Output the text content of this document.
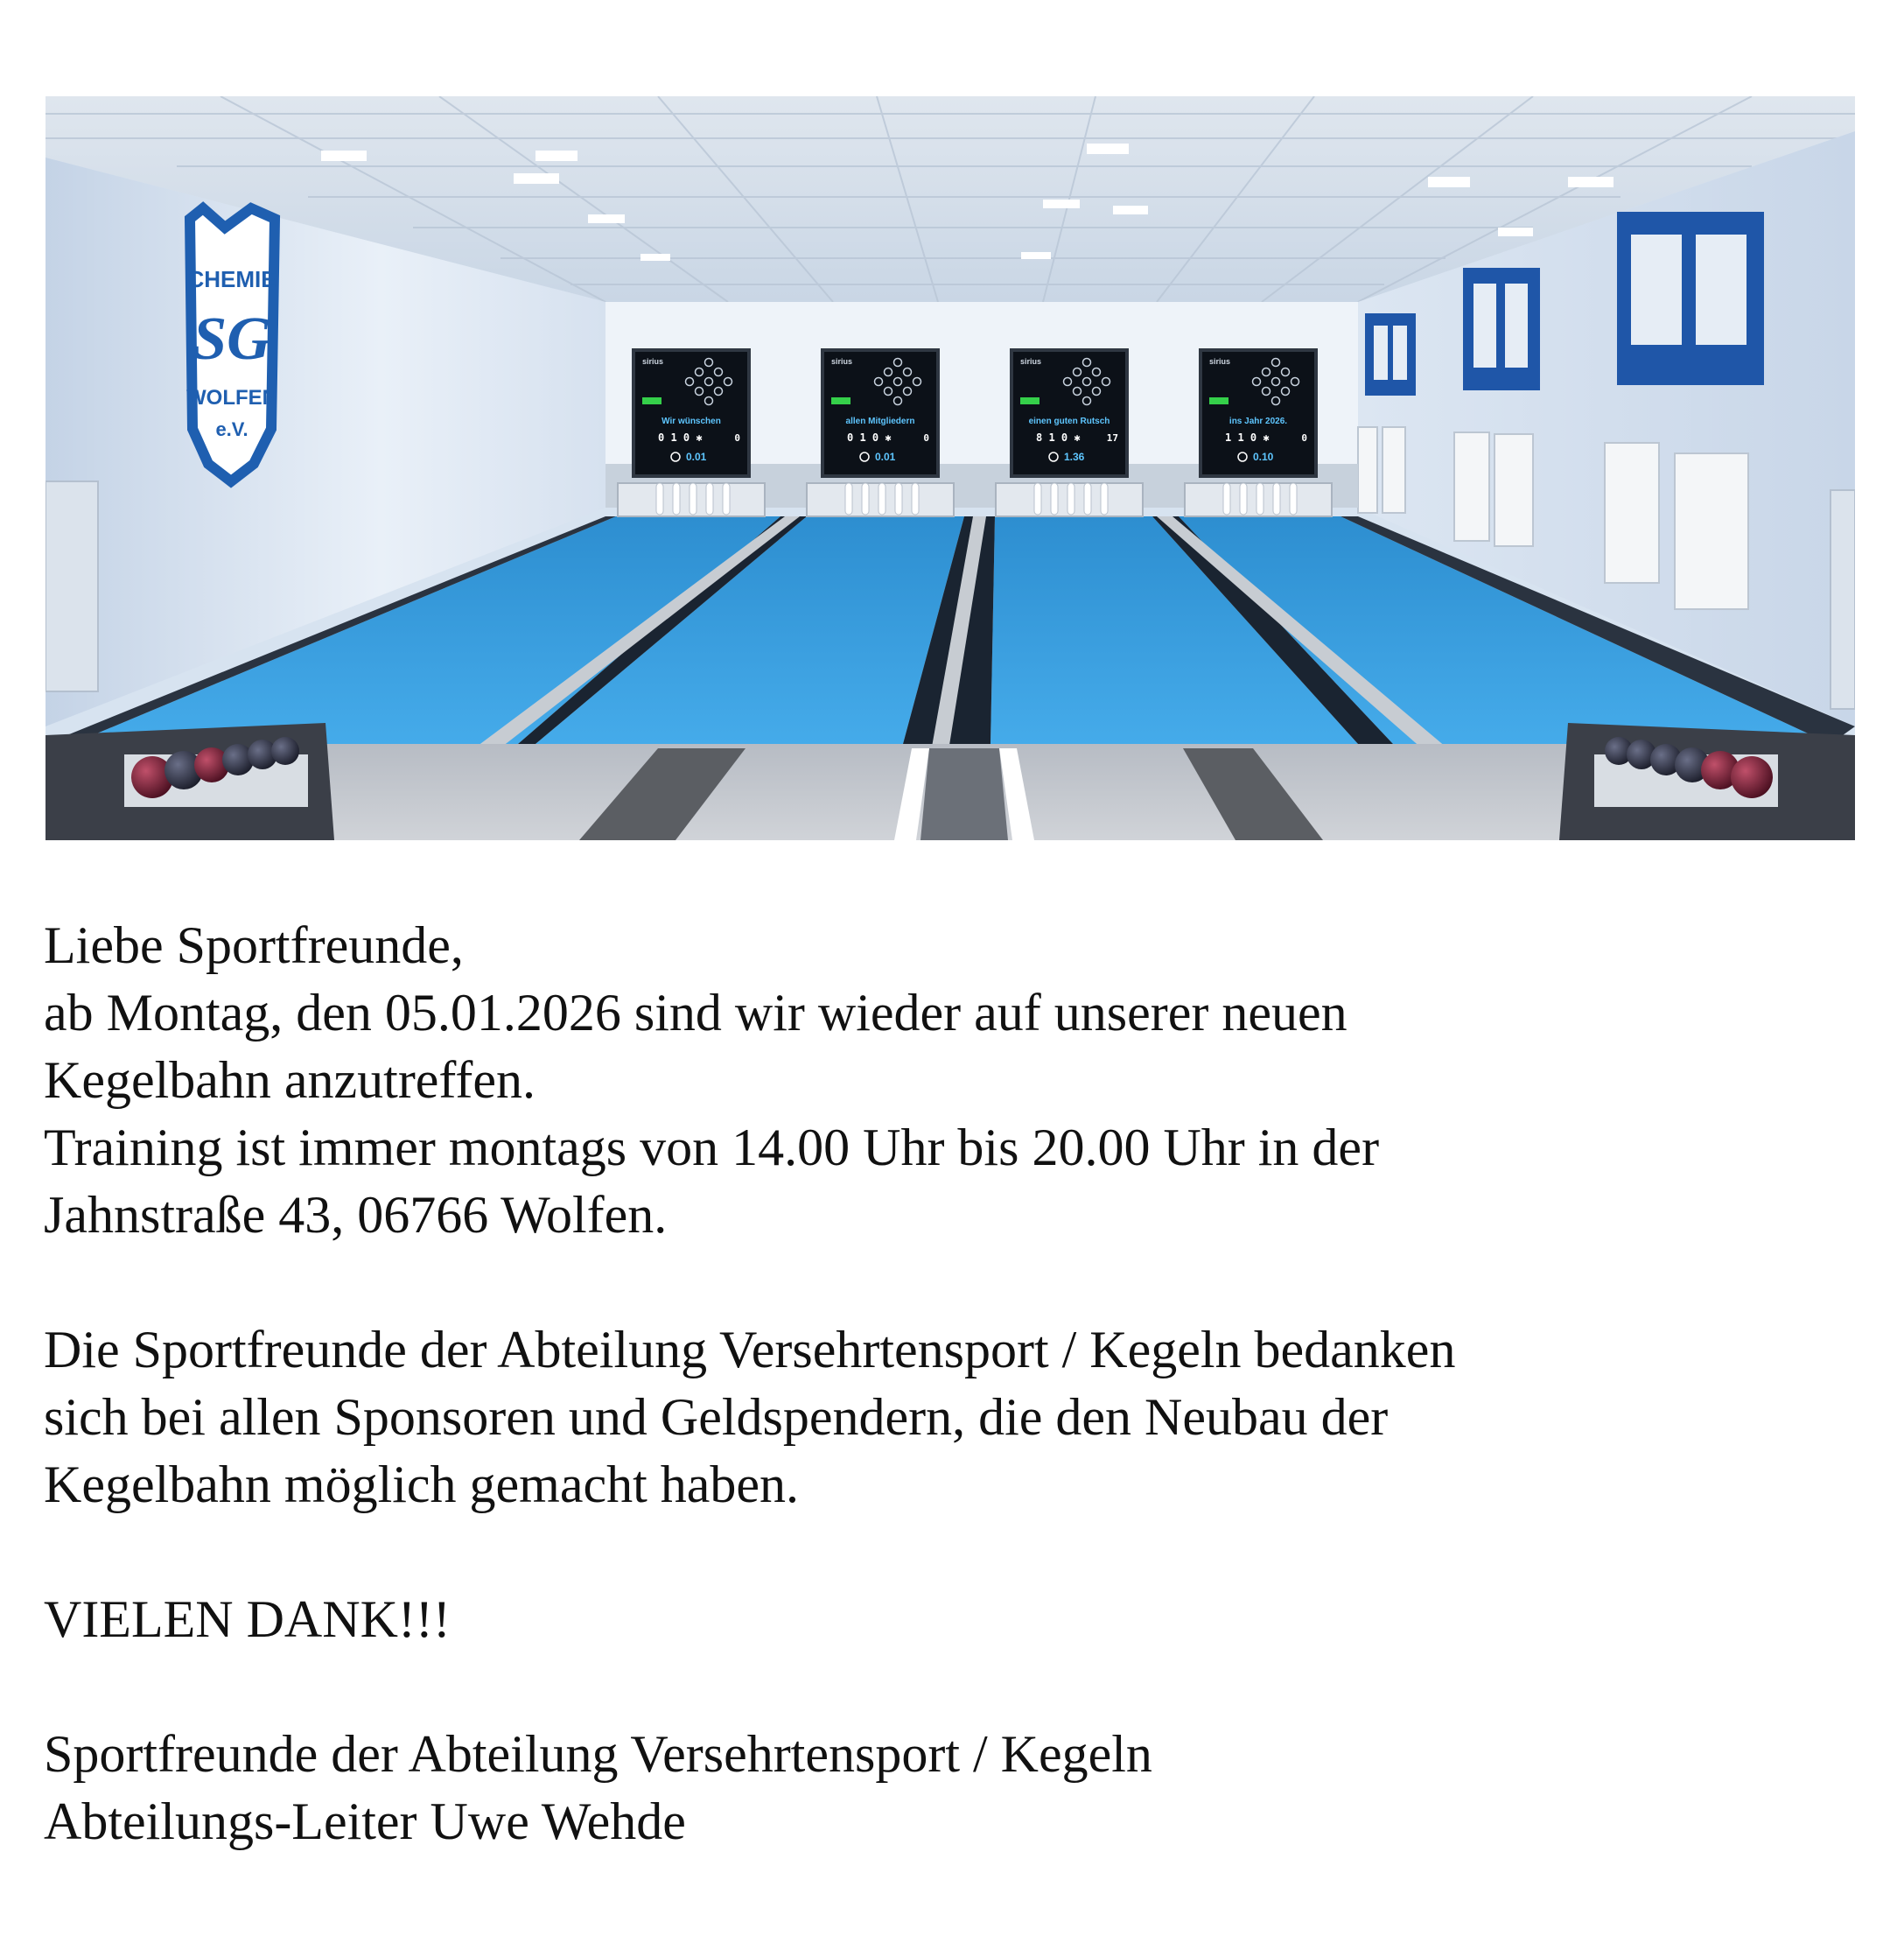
CHEMIE
SG
WOLFEN
e.V.
sirius
Wir wünschen
0 1 0 ✱	0
0.01
sirius
allen Mitgliedern
0 1 0 ✱	0
0.01
sirius
einen guten Rutsch
8 1 0 ✱	17
1.36
sirius
ins Jahr 2026.
1 1 0 ✱	0
0.10

Liebe Sportfreunde,

ab Montag, den 05.01.2026 sind wir wieder auf unserer neuen

Kegelbahn anzutreffen.

Training ist immer montags von 14.00 Uhr bis 20.00 Uhr in der

Jahnstraße 43, 06766 Wolfen.

Die Sportfreunde der Abteilung Versehrtensport / Kegeln bedanken

sich bei allen Sponsoren und Geldspendern, die den Neubau der

Kegelbahn möglich gemacht haben.

VIELEN DANK!!!

Sportfreunde der Abteilung Versehrtensport / Kegeln

Abteilungs-Leiter Uwe Wehde
